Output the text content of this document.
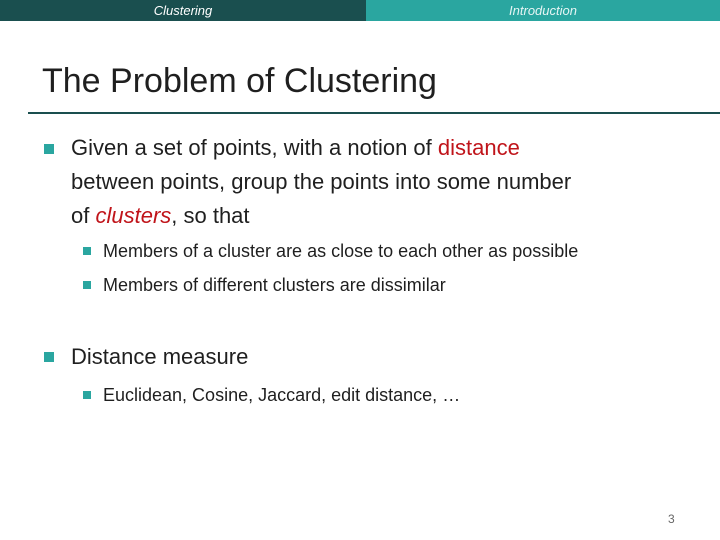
Clustering	Introduction
The Problem of Clustering
Given a set of points, with a notion of distance
between points, group the points into some number
of clusters, so that
Members of a cluster are as close to each other as possible
Members of different clusters are dissimilar
Distance measure
Euclidean, Cosine, Jaccard, edit distance, …
3
